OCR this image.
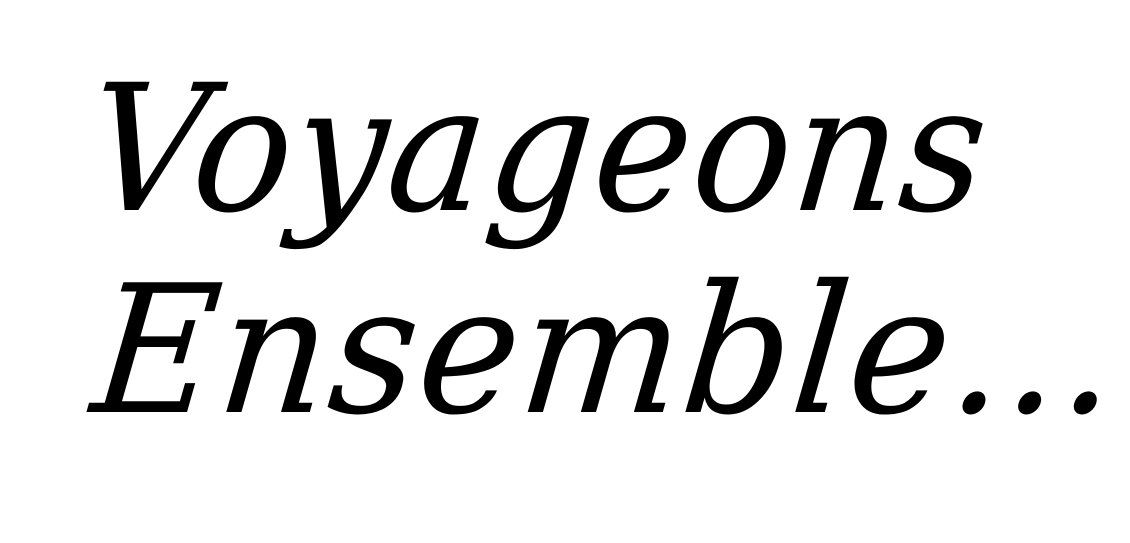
Voyageons
Ensemble...
